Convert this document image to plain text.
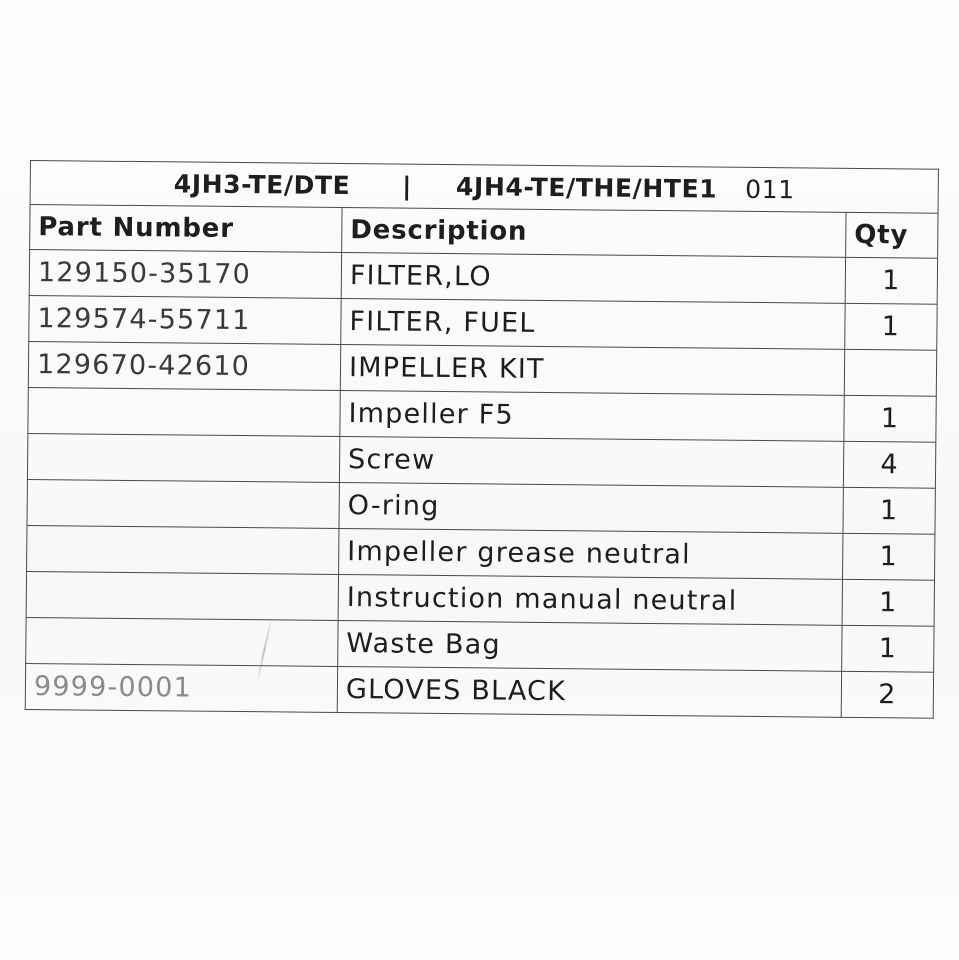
4JH3-TE/DTE | 4JH4-TE/THE/HTE1 011		
Part Number	Description	Qty
129150-35170	FILTER,LO	1
129574-55711	FILTER, FUEL	1
129670-42610	IMPELLER KIT	
	Impeller F5	1
	Screw	4
	O-ring	1
	Impeller grease neutral	1
	Instruction manual neutral	1
	Waste Bag	1
9999-0001	GLOVES BLACK	2
